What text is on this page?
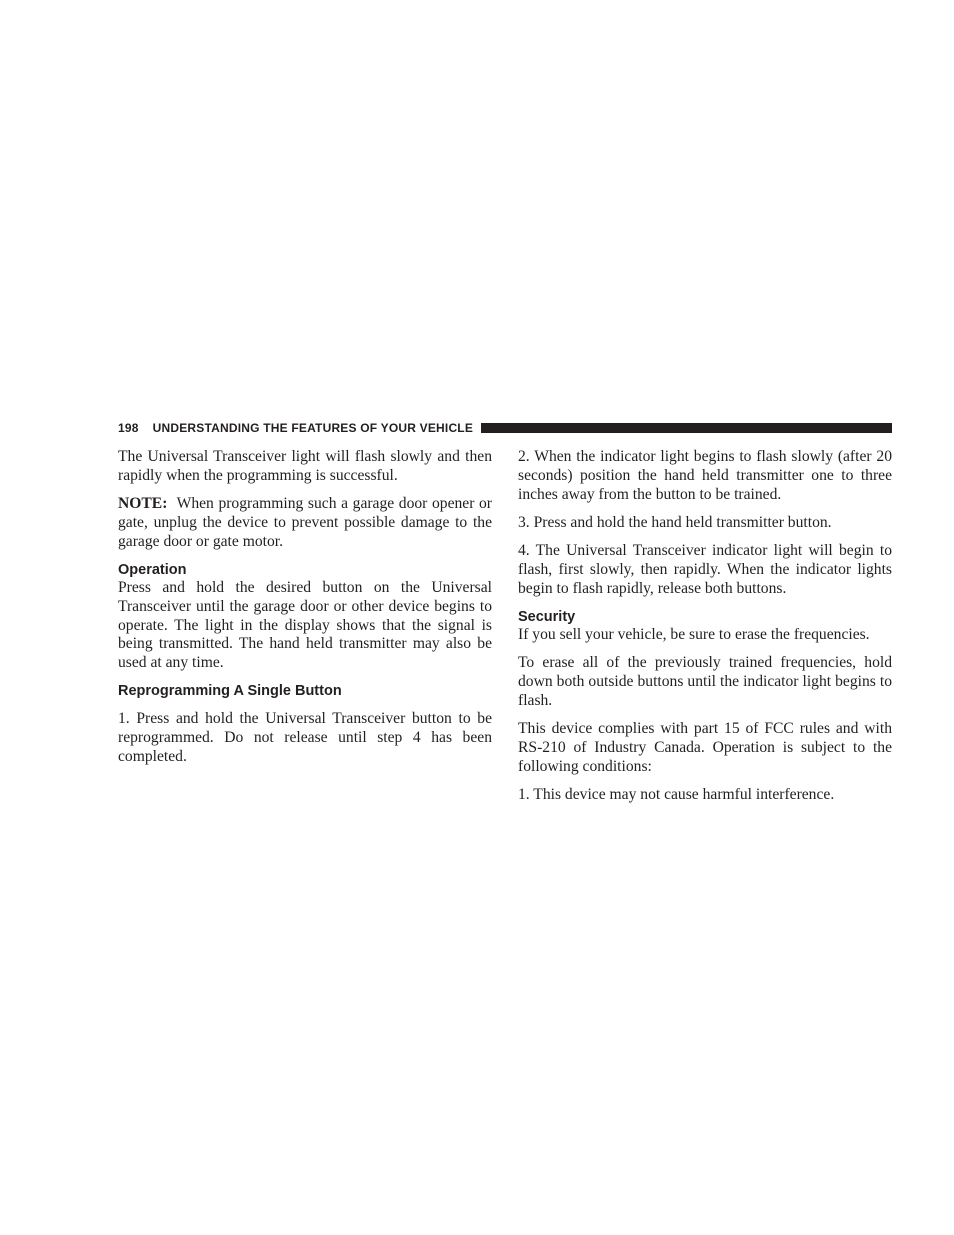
198 UNDERSTANDING THE FEATURES OF YOUR VEHICLE

The Universal Transceiver light will flash slowly and then rapidly when the programming is successful.

NOTE: When programming such a garage door opener or gate, unplug the device to prevent possible damage to the garage door or gate motor.

Operation

Press and hold the desired button on the Universal Transceiver until the garage door or other device begins to operate. The light in the display shows that the signal is being transmitted. The hand held transmitter may also be used at any time.

Reprogramming A Single Button

1. Press and hold the Universal Transceiver button to be reprogrammed. Do not release until step 4 has been completed.

2. When the indicator light begins to flash slowly (after 20 seconds) position the hand held transmitter one to three inches away from the button to be trained.

3. Press and hold the hand held transmitter button.

4. The Universal Transceiver indicator light will begin to flash, first slowly, then rapidly. When the indicator lights begin to flash rapidly, release both buttons.

Security

If you sell your vehicle, be sure to erase the frequencies.

To erase all of the previously trained frequencies, hold down both outside buttons until the indicator light begins to flash.

This device complies with part 15 of FCC rules and with RS-210 of Industry Canada. Operation is subject to the following conditions:

1. This device may not cause harmful interference.
